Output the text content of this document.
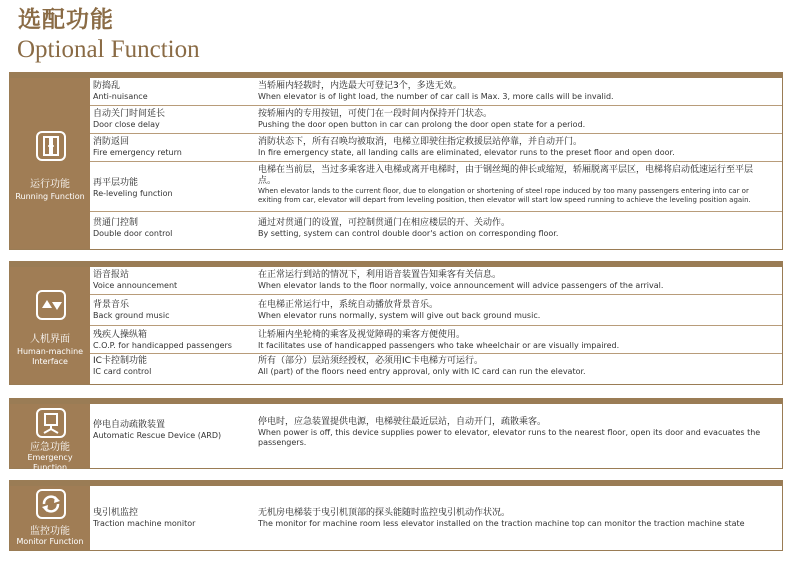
选配功能
Optional Function
运行功能
Running Function
防捣乱
Anti-nuisance
当轿厢内轻载时，内选最大可登记3个，多选无效。
When elevator is of light load, the number of car call is Max. 3, more calls will be invalid.
自动关门时间延长
Door close delay
按轿厢内的专用按钮，可使门在一段时间内保持开门状态。
Pushing the door open button in car can prolong the door open state for a period.
消防返回
Fire emergency return
消防状态下，所有召唤均被取消，电梯立即驶往指定救援层站停靠，并自动开门。
In fire emergency state, all landing calls are eliminated, elevator runs to the preset floor and open door.
再平层功能
Re-leveling function
电梯在当前层，当过多乘客进入电梯或离开电梯时，由于钢丝绳的伸长或缩短，轿厢脱离平层区，电梯将启动低速运行至平层点。
When elevator lands to the current floor, due to elongation or shortening of steel rope induced by too many passengers entering into car or exiting from car, elevator will depart from leveling position, then elevator will start low speed running to achieve the leveling position again.
贯通门控制
Double door control
通过对贯通门的设置，可控制贯通门在相应楼层的开、关动作。
By setting, system can control double door's action on corresponding floor.
人机界面
Human-machine Interface
语音报站
Voice announcement
在正常运行到站的情况下，利用语音装置告知乘客有关信息。
When elevator lands to the floor normally, voice announcement will advice passengers of the arrival.
背景音乐
Back ground music
在电梯正常运行中，系统自动播放背景音乐。
When elevator runs normally, system will give out back ground music.
残疾人操纵箱
C.O.P. for handicapped passengers
让轿厢内坐轮椅的乘客及视觉障碍的乘客方便使用。
It facilitates use of handicapped passengers who take wheelchair or are visually impaired.
IC卡控制功能
IC card control
所有（部分）层站须经授权，必须用IC卡电梯方可运行。
All (part) of the floors need entry approval, only with IC card can run the elevator.
应急功能
Emergency Function
停电自动疏散装置
Automatic Rescue Device (ARD)
停电时，应急装置提供电源，电梯驶往最近层站，自动开门，疏散乘客。
When power is off, this device supplies power to elevator, elevator runs to the nearest floor, open its door and evacuates the passengers.
监控功能
Monitor Function
曳引机监控
Traction machine monitor
无机房电梯装于曳引机顶部的探头能随时监控曳引机动作状况。
The monitor for machine room less elevator installed on the traction machine top can monitor the traction machine state
